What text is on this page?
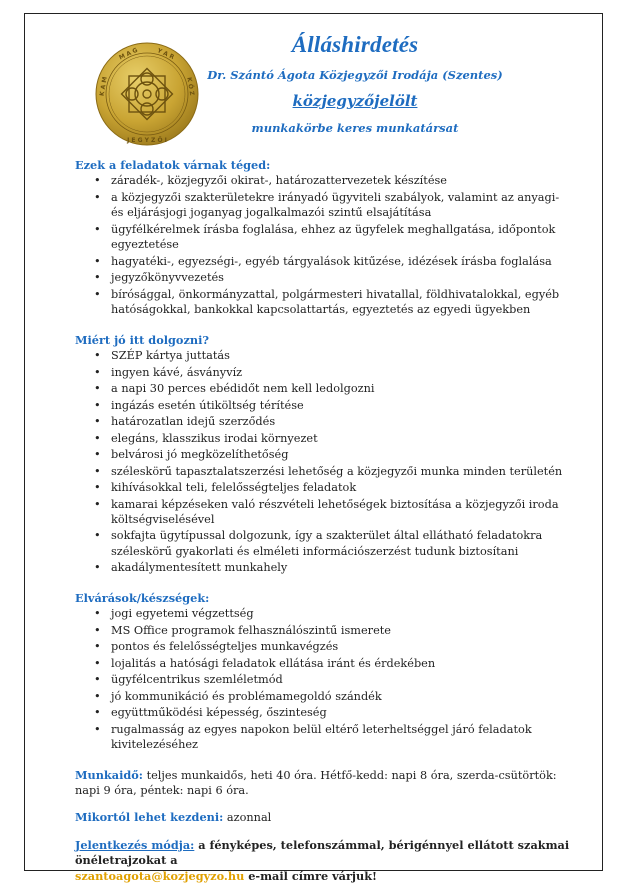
M A G	Y A R
K Ö Z
K A M
J E G Y Z Ő I
Álláshirdetés
Dr. Szántó Ágota Közjegyzői Irodája (Szentes)
közjegyzőjelölt
munkakörbe keres munkatársat

Ezek a feladatok várnak téged:

• záradék-, közjegyzői okirat-, határozattervezetek készítése
• a közjegyzői szakterületekre irányadó ügyviteli szabályok, valamint az anyagi- és eljárásjogi joganyag jogalkalmazói szintű elsajátítása
• ügyfélkérelmek írásba foglalása, ehhez az ügyfelek meghallgatása, időpontok egyeztetése
• hagyatéki-, egyezségi-, egyéb tárgyalások kitűzése, idézések írásba foglalása
• jegyzőkönyvvezetés
• bírósággal, önkormányzattal, polgármesteri hivatallal, földhivatalokkal, egyéb hatóságokkal, bankokkal kapcsolattartás, egyeztetés az egyedi ügyekben

Miért jó itt dolgozni?

• SZÉP kártya juttatás
• ingyen kávé, ásványvíz
• a napi 30 perces ebédidőt nem kell ledolgozni
• ingázás esetén útiköltség térítése
• határozatlan idejű szerződés
• elegáns, klasszikus irodai környezet
• belvárosi jó megközelíthetőség
• széleskörű tapasztalatszerzési lehetőség a közjegyzői munka minden területén
• kihívásokkal teli, felelősségteljes feladatok
• kamarai képzéseken való részvételi lehetőségek biztosítása a közjegyzői iroda költségviselésével
• sokfajta ügytípussal dolgozunk, így a szakterület által ellátható feladatokra széleskörű gyakorlati és elméleti információszerzést tudunk biztosítani
• akadálymentesített munkahely

Elvárások/készségek:

• jogi egyetemi végzettség
• MS Office programok felhasználószintű ismerete
• pontos és felelősségteljes munkavégzés
• lojalitás a hatósági feladatok ellátása iránt és érdekében
• ügyfélcentrikus szemléletmód
• jó kommunikáció és problémamegoldó szándék
• együttműködési képesség, őszinteség
• rugalmasság az egyes napokon belül eltérő leterheltséggel járó feladatok kivitelezéséhez

Munkaidő: teljes munkaidős, heti 40 óra. Hétfő-kedd: napi 8 óra, szerda-csütörtök: napi 9 óra, péntek: napi 6 óra.

Mikortól lehet kezdeni: azonnal

Jelentkezés módja: a fényképes, telefonszámmal, bérigénnyel ellátott szakmai önéletrajzokat a
szantoagota@kozjegyzo.hu e-mail címre várjuk!
